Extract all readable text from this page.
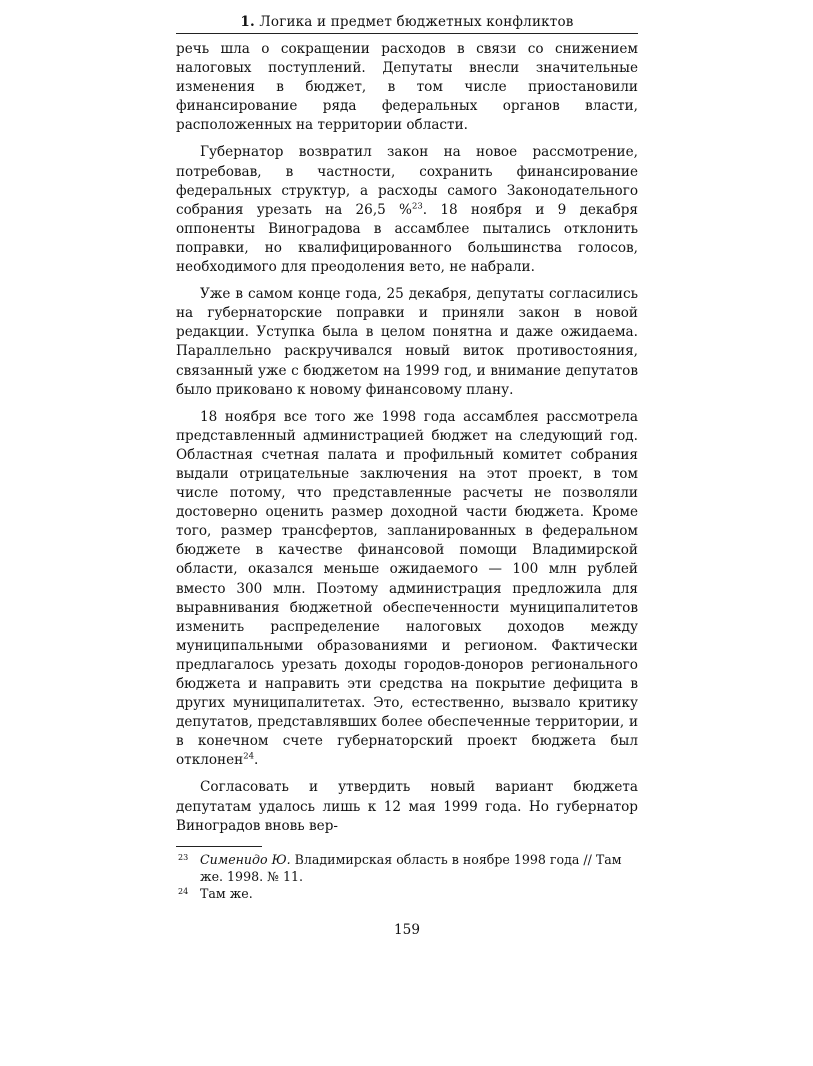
1. Логика и предмет бюджетных конфликтов

речь шла о сокращении расходов в связи со снижением налоговых поступлений. Депутаты внесли значительные изменения в бюджет, в том числе приостановили финансирование ряда федеральных органов власти, расположенных на территории области.

Губернатор возвратил закон на новое рассмотрение, потребовав, в частности, сохранить финансирование федеральных структур, а расходы самого Законодательного собрания урезать на 26,5 %$^{23}$. 18 ноября и 9 декабря оппоненты Виноградова в ассамблее пытались отклонить поправки, но квалифицированного большинства голосов, необходимого для преодоления вето, не набрали.

Уже в самом конце года, 25 декабря, депутаты согласились на губернаторские поправки и приняли закон в новой редакции. Уступка была в целом понятна и даже ожидаема. Параллельно раскручивался новый виток противостояния, связанный уже с бюджетом на 1999 год, и внимание депутатов было приковано к новому финансовому плану.

18 ноября все того же 1998 года ассамблея рассмотрела представленный администрацией бюджет на следующий год. Областная счетная палата и профильный комитет собрания выдали отрицательные заключения на этот проект, в том числе потому, что представленные расчеты не позволяли достоверно оценить размер доходной части бюджета. Кроме того, размер трансфертов, запланированных в федеральном бюджете в качестве финансовой помощи Владимирской области, оказался меньше ожидаемого — 100 млн рублей вместо 300 млн. Поэтому администрация предложила для выравнивания бюджетной обеспеченности муниципалитетов изменить распределение налоговых доходов между муниципальными образованиями и регионом. Фактически предлагалось урезать доходы городов-доноров регионального бюджета и направить эти средства на покрытие дефицита в других муниципалитетах. Это, естественно, вызвало критику депутатов, представлявших более обеспеченные территории, и в конечном счете губернаторский проект бюджета был отклонен$^{24}$.

Согласовать и утвердить новый вариант бюджета депутатам удалось лишь к 12 мая 1999 года. Но губернатор Виноградов вновь вер-

23 Сименидо Ю. Владимирская область в ноябре 1998 года // Там же. 1998. № 11.
24 Там же.
159
